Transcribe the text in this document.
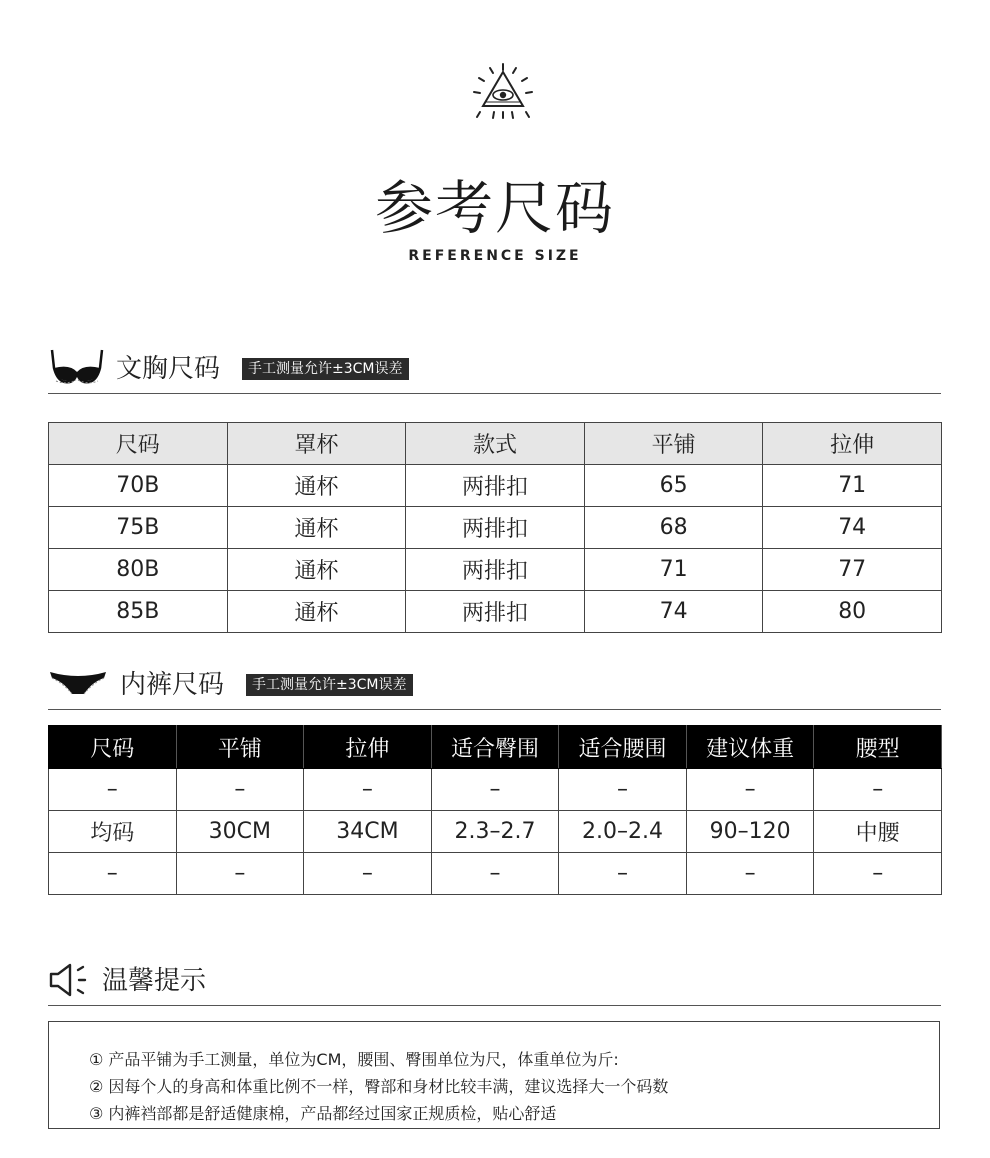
参考尺码
REFERENCE SIZE
文胸尺码	手工测量允许±3CM误差
尺码	罩杯	款式	平铺	拉伸
70B	通杯	两排扣	65	71
75B	通杯	两排扣	68	74
80B	通杯	两排扣	71	77
85B	通杯	两排扣	74	80
内裤尺码	手工测量允许±3CM误差
尺码	平铺	拉伸	适合臀围	适合腰围	建议体重	腰型
–	–	–	–	–	–	–
均码	30CM	34CM	2.3–2.7	2.0–2.4	90–120	中腰
–	–	–	–	–	–	–
温馨提示
① 产品平铺为手工测量，单位为CM，腰围、臀围单位为尺，体重单位为斤:
② 因每个人的身高和体重比例不一样，臀部和身材比较丰满，建议选择大一个码数
③ 内裤裆部都是舒适健康棉，产品都经过国家正规质检，贴心舒适
